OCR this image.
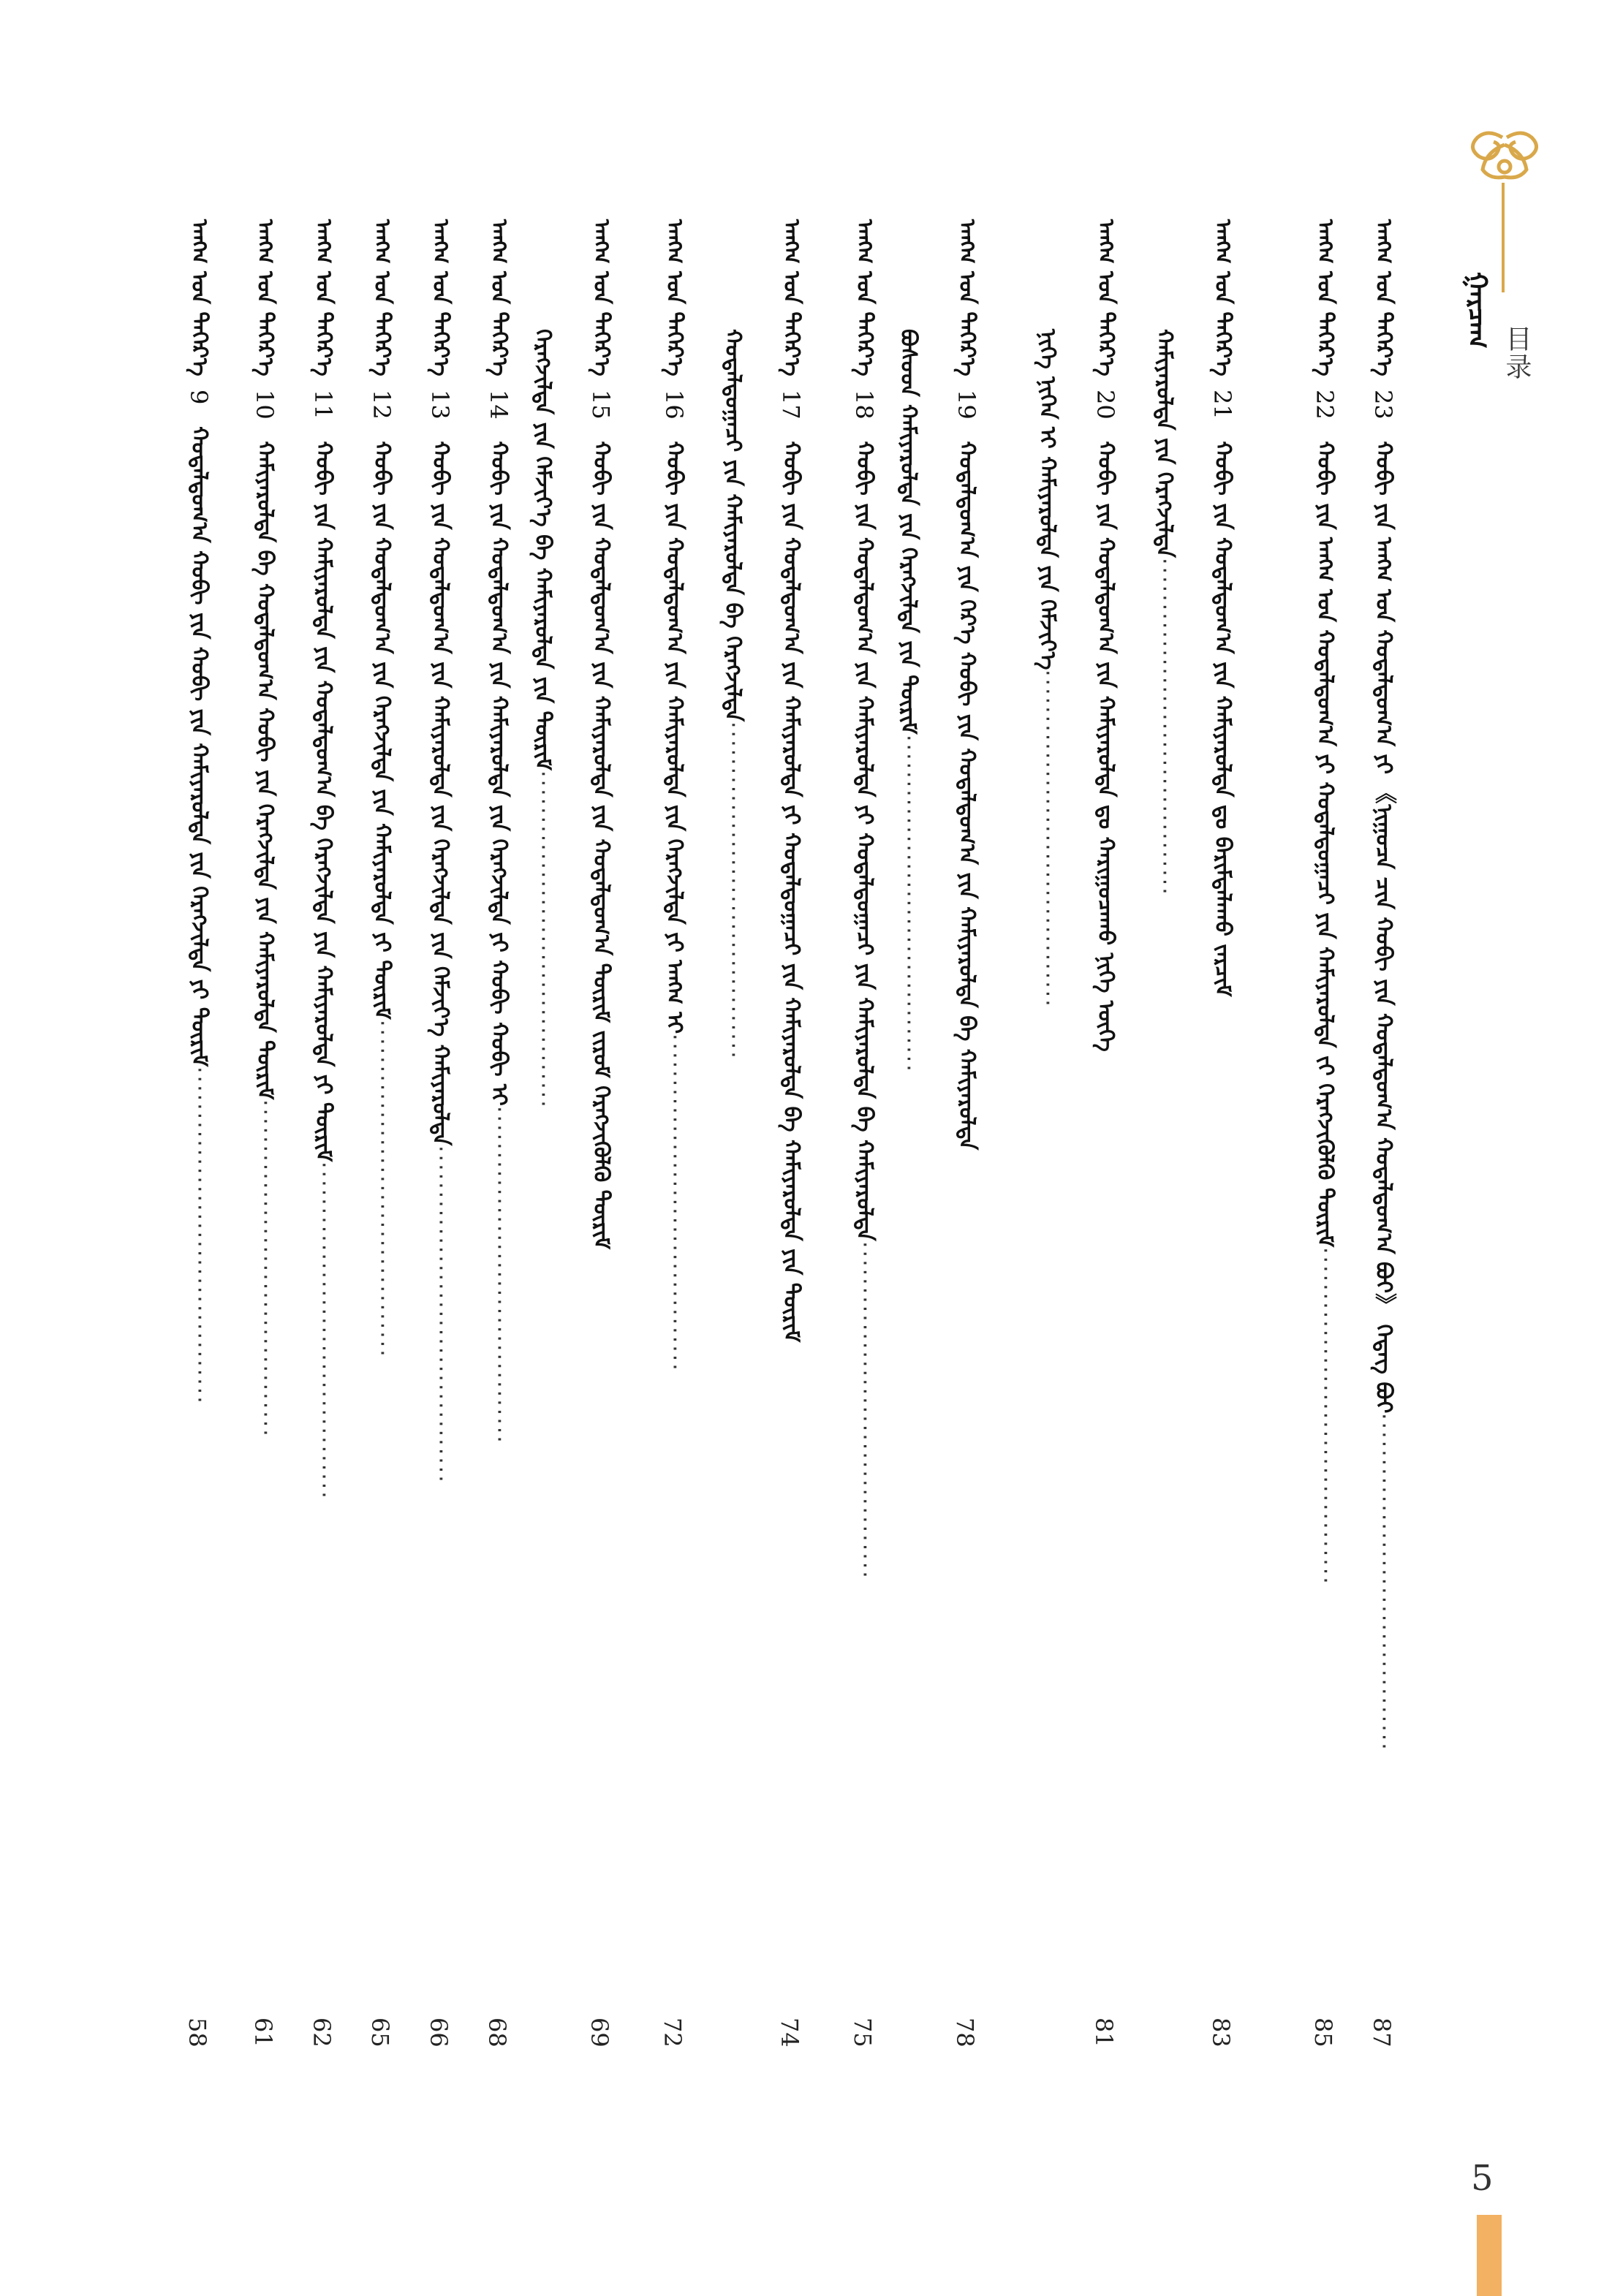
ᠭᠠᠷᠴᠠᠭ
目录
ᠠᠩᠭ᠋ ᠤᠨ ᠳᠡᠭᠡᠷ᠎ᠡ23ᠬᠤᠪᠢ ᠶᠢᠨ ᠠᠩᠭ᠋ ᠤᠨ ᠬᠤᠳᠠᠯᠳᠤᠭ᠎ᠠ ᠶᠢ 《ᠨᠢᠭᠤᠴᠠ ᠴᠢᠨ ᠬᠤᠪᠢ ᠶᠢᠨ ᠬᠤᠳᠠᠯᠳᠤᠭ᠎ᠠ ᠬᠤᠳᠠᠯᠳᠤᠭ᠎ᠠ ᠪᠤᠢ》 ᠭᠡᠳᠡᠭ ᠪᠤᠢ·····································
87
ᠠᠩᠭ᠋ ᠤᠨ ᠳᠡᠭᠡᠷ᠎ᠡ22ᠬᠤᠪᠢ ᠶᠢᠨ ᠠᠩᠭ᠋ ᠤᠨ ᠬᠤᠳᠠᠯᠳᠤᠭ᠎ᠠ ᠶᠢ ᠬᠤᠳᠠᠯᠳᠤᠭᠠᠴᠢ ᠶᠢᠨ ᠬᠠᠮᠢᠶᠠᠷᠤᠯᠲᠠ ᠵᠢ ᠬᠡᠷᠡᠭᠵᠢᠭᠦᠯᠬᠦ ᠳᠦᠷᠢᠮ·····································
85
ᠬᠠᠮᠢᠶᠠᠷᠤᠯᠲᠠ ᠶᠢᠨ ᠬᠡᠷᠡᠭᠵᠢᠯᠲᠡ·····································
ᠠᠩᠭ᠋ ᠤᠨ ᠳᠡᠭᠡᠷ᠎ᠡ21ᠬᠤᠪᠢ ᠶᠢᠨ ᠬᠤᠳᠠᠯᠳᠤᠭ᠎ᠠ ᠶᠢᠨ ᠬᠠᠮᠢᠶᠠᠷᠤᠯᠲᠠ ᠳᠤ ᠪᠠᠷᠢᠮᠲᠠᠯᠠᠬᠤ ᠵᠠᠷᠴᠢᠮ
83
ᠨᠢᠭᠡ ᠨᠢᠭᠡᠨ ᠢ ᠬᠠᠮᠢᠶᠠᠷᠤᠯᠲᠠ ᠶᠢᠨ ᠬᠡᠮᠵᠢᠶ᠎ᠡ·····································
ᠠᠩᠭ᠋ ᠤᠨ ᠳᠡᠭᠡᠷ᠎ᠡ20ᠬᠤᠪᠢ ᠶᠢᠨ ᠬᠤᠳᠠᠯᠳᠤᠭ᠎ᠠ ᠶᠢᠨ ᠬᠠᠮᠢᠶᠠᠷᠤᠯᠲᠠ ᠳᠤ ᠬᠠᠷᠢᠭᠤᠴᠠᠬᠤ ᠨᠢᠭᠡ ᠦᠭᠡ
81
ᠪᠤᠰᠤᠳ ᠬᠠᠮᠢᠶᠠᠷᠤᠯᠲᠠ ᠶᠢᠨ ᠬᠡᠷᠡᠭᠵᠢᠯᠲᠡ ᠶᠢᠨ ᠳᠦᠷᠢᠮ·····································
ᠠᠩᠭ᠋ ᠤᠨ ᠳᠡᠭᠡᠷ᠎ᠡ19ᠬᠤᠳᠠᠯᠳᠤᠭ᠎ᠠ ᠶᠢᠨ ᠭᠡᠷ᠎ᠡ ᠬᠤᠪᠢ ᠶᠢᠨ ᠬᠤᠳᠠᠯᠳᠤᠭ᠎ᠠ ᠶᠢᠨ ᠬᠠᠮᠢᠶᠠᠷᠤᠯᠲᠠ ᠪᠠ ᠬᠠᠮᠢᠶᠠᠷᠤᠯᠲᠠ
78
ᠠᠩᠭ᠋ ᠤᠨ ᠳᠡᠭᠡᠷ᠎ᠡ18ᠬᠤᠪᠢ ᠶᠢᠨ ᠬᠤᠳᠠᠯᠳᠤᠭ᠎ᠠ ᠶᠢᠨ ᠬᠠᠮᠢᠶᠠᠷᠤᠯᠲᠠ ᠶᠢ ᠬᠤᠳᠠᠯᠳᠤᠭᠠᠴᠢ ᠶᠢᠨ ᠬᠠᠮᠢᠶᠠᠷᠤᠯᠲᠠ ᠪᠠ ᠬᠠᠮᠢᠶᠠᠷᠤᠯᠲᠠ·····································
75
ᠬᠤᠳᠠᠯᠳᠤᠭᠠᠴᠢ ᠶᠢᠨ ᠬᠠᠮᠢᠶᠠᠷᠤᠯᠲᠠ ᠪᠠ ᠬᠡᠷᠡᠭᠵᠢᠯᠲᠡ·····································
ᠠᠩᠭ᠋ ᠤᠨ ᠳᠡᠭᠡᠷ᠎ᠡ17ᠬᠤᠪᠢ ᠶᠢᠨ ᠬᠤᠳᠠᠯᠳᠤᠭ᠎ᠠ ᠶᠢᠨ ᠬᠠᠮᠢᠶᠠᠷᠤᠯᠲᠠ ᠶᠢ ᠬᠤᠳᠠᠯᠳᠤᠭᠠᠴᠢ ᠶᠢᠨ ᠬᠠᠮᠢᠶᠠᠷᠤᠯᠲᠠ ᠪᠠ ᠬᠠᠮᠢᠶᠠᠷᠤᠯᠲᠠ ᠶᠢᠨ ᠳᠦᠷᠢᠮ
74
ᠠᠩᠭ᠋ ᠤᠨ ᠳᠡᠭᠡᠷ᠎ᠡ16ᠬᠤᠪᠢ ᠶᠢᠨ ᠬᠤᠳᠠᠯᠳᠤᠭ᠎ᠠ ᠶᠢᠨ ᠬᠠᠮᠢᠶᠠᠷᠤᠯᠲᠠ ᠶᠢᠨ ᠬᠡᠷᠡᠭᠵᠢᠯᠲᠡ ᠶᠢ ᠠᠩᠭ᠋ ᠢ·····································
72
ᠬᠡᠷᠡᠭᠵᠢᠯᠲᠡ ᠶᠢᠨ ᠬᠡᠮᠵᠢᠶ᠎ᠡ ᠪᠠ ᠬᠠᠮᠢᠶᠠᠷᠤᠯᠲᠠ ᠶᠢᠨ ᠳᠦᠷᠢᠮ·····································
ᠠᠩᠭ᠋ ᠤᠨ ᠳᠡᠭᠡᠷ᠎ᠡ15ᠬᠤᠪᠢ ᠶᠢᠨ ᠬᠤᠳᠠᠯᠳᠤᠭ᠎ᠠ ᠶᠢᠨ ᠬᠠᠮᠢᠶᠠᠷᠤᠯᠲᠠ ᠶᠢᠨ ᠬᠤᠳᠠᠯᠳᠤᠭ᠎ᠠ ᠳᠦᠷᠢᠮ ᠵᠢᠷᠤᠮ ᠬᠡᠷᠡᠭᠵᠢᠭᠦᠯᠬᠦ ᠳᠦᠷᠢᠮ
69
ᠠᠩᠭ᠋ ᠤᠨ ᠳᠡᠭᠡᠷ᠎ᠡ14ᠬᠤᠪᠢ ᠶᠢᠨ ᠬᠤᠳᠠᠯᠳᠤᠭ᠎ᠠ ᠶᠢᠨ ᠬᠠᠮᠢᠶᠠᠷᠤᠯᠲᠠ ᠶᠢᠨ ᠬᠡᠷᠡᠭᠵᠢᠯᠲᠡ ᠶᠢ ᠬᠤᠪᠢ ᠬᠤᠪᠢ ᠢ·····································
68
ᠠᠩᠭ᠋ ᠤᠨ ᠳᠡᠭᠡᠷ᠎ᠡ13ᠬᠤᠪᠢ ᠶᠢᠨ ᠬᠤᠳᠠᠯᠳᠤᠭ᠎ᠠ ᠶᠢᠨ ᠬᠠᠮᠢᠶᠠᠷᠤᠯᠲᠠ ᠶᠢᠨ ᠬᠡᠷᠡᠭᠵᠢᠯᠲᠡ ᠶᠢᠨ ᠬᠡᠮᠵᠢᠶ᠎ᠡ ᠬᠠᠮᠢᠶᠠᠷᠤᠯᠲᠠ·····································
66
ᠠᠩᠭ᠋ ᠤᠨ ᠳᠡᠭᠡᠷ᠎ᠡ12ᠬᠤᠪᠢ ᠶᠢᠨ ᠬᠤᠳᠠᠯᠳᠤᠭ᠎ᠠ ᠶᠢᠨ ᠬᠡᠷᠡᠭᠵᠢᠯᠲᠡ ᠶᠢᠨ ᠬᠠᠮᠢᠶᠠᠷᠤᠯᠲᠠ ᠶᠢ ᠳᠦᠷᠢᠮ·····································
65
ᠠᠩᠭ᠋ ᠤᠨ ᠳᠡᠭᠡᠷ᠎ᠡ11ᠬᠤᠪᠢ ᠶᠢᠨ ᠬᠠᠮᠢᠶᠠᠷᠤᠯᠲᠠ ᠶᠢᠨ ᠬᠤᠳᠠᠯᠳᠤᠭ᠎ᠠ ᠪᠠ ᠬᠡᠷᠡᠭᠵᠢᠯᠲᠡ ᠶᠢᠨ ᠬᠠᠮᠢᠶᠠᠷᠤᠯᠲᠠ ᠶᠢ ᠳᠦᠷᠢᠮ·····································
62
ᠠᠩᠭ᠋ ᠤᠨ ᠳᠡᠭᠡᠷ᠎ᠡ10ᠬᠠᠮᠢᠶᠠᠷᠤᠯᠲᠠ ᠪᠠ ᠬᠤᠳᠠᠯᠳᠤᠭ᠎ᠠ ᠬᠤᠪᠢ ᠶᠢᠨ ᠬᠡᠷᠡᠭᠵᠢᠯᠲᠡ ᠶᠢᠨ ᠬᠠᠮᠢᠶᠠᠷᠤᠯᠲᠠ ᠳᠦᠷᠢᠮ·····································
61
ᠠᠩᠭ᠋ ᠤᠨ ᠳᠡᠭᠡᠷ᠎ᠡ9ᠬᠤᠳᠠᠯᠳᠤᠭ᠎ᠠ ᠬᠤᠪᠢ ᠶᠢᠨ ᠬᠤᠪᠢ ᠶᠢᠨ ᠬᠠᠮᠢᠶᠠᠷᠤᠯᠲᠠ ᠶᠢᠨ ᠬᠡᠷᠡᠭᠵᠢᠯᠲᠡ ᠶᠢ ᠳᠦᠷᠢᠮ·····································
58
5
